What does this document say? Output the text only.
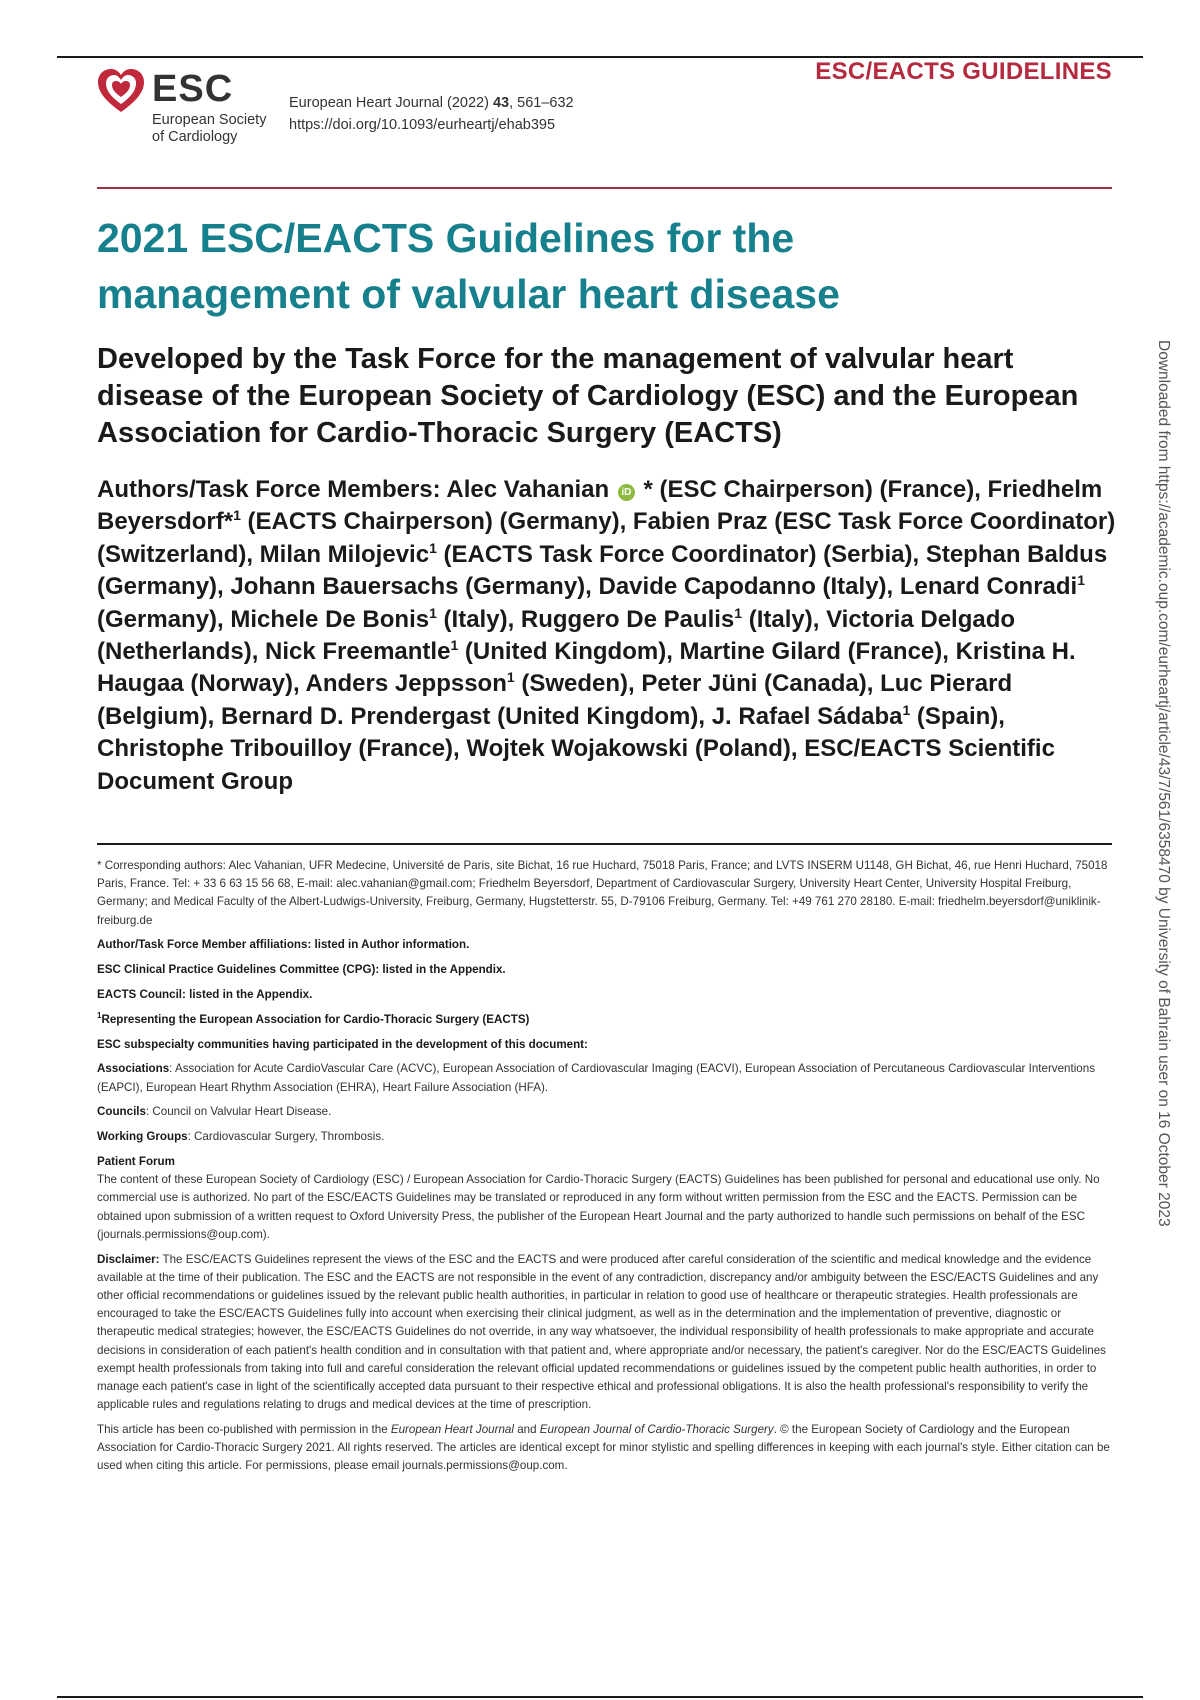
ESC
European Society
of Cardiology
European Heart Journal (2022) 43, 561–632
https://doi.org/10.1093/eurheartj/ehab395
ESC/EACTS GUIDELINES
2021 ESC/EACTS Guidelines for the
management of valvular heart disease
Developed by the Task Force for the management of valvular heart disease of the European Society of Cardiology (ESC) and the European Association for Cardio-Thoracic Surgery (EACTS)

Authors/Task Force Members: Alec Vahanian iD * (ESC Chairperson) (France), Friedhelm Beyersdorf*$^1$ (EACTS Chairperson) (Germany), Fabien Praz (ESC Task Force Coordinator) (Switzerland), Milan Milojevic$^1$ (EACTS Task Force Coordinator) (Serbia), Stephan Baldus (Germany), Johann Bauersachs (Germany), Davide Capodanno (Italy), Lenard Conradi$^1$ (Germany), Michele De Bonis$^1$ (Italy), Ruggero De Paulis$^1$ (Italy), Victoria Delgado (Netherlands), Nick Freemantle$^1$ (United Kingdom), Martine Gilard (France), Kristina H. Haugaa (Norway), Anders Jeppsson$^1$ (Sweden), Peter Jüni (Canada), Luc Pierard (Belgium), Bernard D. Prendergast (United Kingdom), J. Rafael Sádaba$^1$ (Spain), Christophe Tribouilloy (France), Wojtek Wojakowski (Poland), ESC/EACTS Scientific Document Group

* Corresponding authors: Alec Vahanian, UFR Medecine, Université de Paris, site Bichat, 16 rue Huchard, 75018 Paris, France; and LVTS INSERM U1148, GH Bichat, 46, rue Henri Huchard, 75018 Paris, France. Tel: + 33 6 63 15 56 68, E-mail: alec.vahanian@gmail.com; Friedhelm Beyersdorf, Department of Cardiovascular Surgery, University Heart Center, University Hospital Freiburg, Germany; and Medical Faculty of the Albert-Ludwigs-University, Freiburg, Germany, Hugstetterstr. 55, D-79106 Freiburg, Germany. Tel: +49 761 270 28180. E-mail: friedhelm.beyersdorf@uniklinik-freiburg.de

Author/Task Force Member affiliations: listed in Author information.

ESC Clinical Practice Guidelines Committee (CPG): listed in the Appendix.

EACTS Council: listed in the Appendix.

$^1$Representing the European Association for Cardio-Thoracic Surgery (EACTS)

ESC subspecialty communities having participated in the development of this document:

Associations: Association for Acute CardioVascular Care (ACVC), European Association of Cardiovascular Imaging (EACVI), European Association of Percutaneous Cardiovascular Interventions (EAPCI), European Heart Rhythm Association (EHRA), Heart Failure Association (HFA).

Councils: Council on Valvular Heart Disease.

Working Groups: Cardiovascular Surgery, Thrombosis.

Patient Forum

The content of these European Society of Cardiology (ESC) / European Association for Cardio-Thoracic Surgery (EACTS) Guidelines has been published for personal and educational use only. No commercial use is authorized. No part of the ESC/EACTS Guidelines may be translated or reproduced in any form without written permission from the ESC and the EACTS. Permission can be obtained upon submission of a written request to Oxford University Press, the publisher of the European Heart Journal and the party authorized to handle such permissions on behalf of the ESC (journals.permissions@oup.com).

Disclaimer: The ESC/EACTS Guidelines represent the views of the ESC and the EACTS and were produced after careful consideration of the scientific and medical knowledge and the evidence available at the time of their publication. The ESC and the EACTS are not responsible in the event of any contradiction, discrepancy and/or ambiguity between the ESC/EACTS Guidelines and any other official recommendations or guidelines issued by the relevant public health authorities, in particular in relation to good use of healthcare or therapeutic strategies. Health professionals are encouraged to take the ESC/EACTS Guidelines fully into account when exercising their clinical judgment, as well as in the determination and the implementation of preventive, diagnostic or therapeutic medical strategies; however, the ESC/EACTS Guidelines do not override, in any way whatsoever, the individual responsibility of health professionals to make appropriate and accurate decisions in consideration of each patient's health condition and in consultation with that patient and, where appropriate and/or necessary, the patient's caregiver. Nor do the ESC/EACTS Guidelines exempt health professionals from taking into full and careful consideration the relevant official updated recommendations or guidelines issued by the competent public health authorities, in order to manage each patient's case in light of the scientifically accepted data pursuant to their respective ethical and professional obligations. It is also the health professional's responsibility to verify the applicable rules and regulations relating to drugs and medical devices at the time of prescription.

This article has been co-published with permission in the European Heart Journal and European Journal of Cardio-Thoracic Surgery. © the European Society of Cardiology and the European Association for Cardio-Thoracic Surgery 2021. All rights reserved. The articles are identical except for minor stylistic and spelling differences in keeping with each journal's style. Either citation can be used when citing this article. For permissions, please email journals.permissions@oup.com.

Downloaded from https://academic.oup.com/eurheartj/article/43/7/561/6358470 by University of Bahrain user on 16 October 2023
